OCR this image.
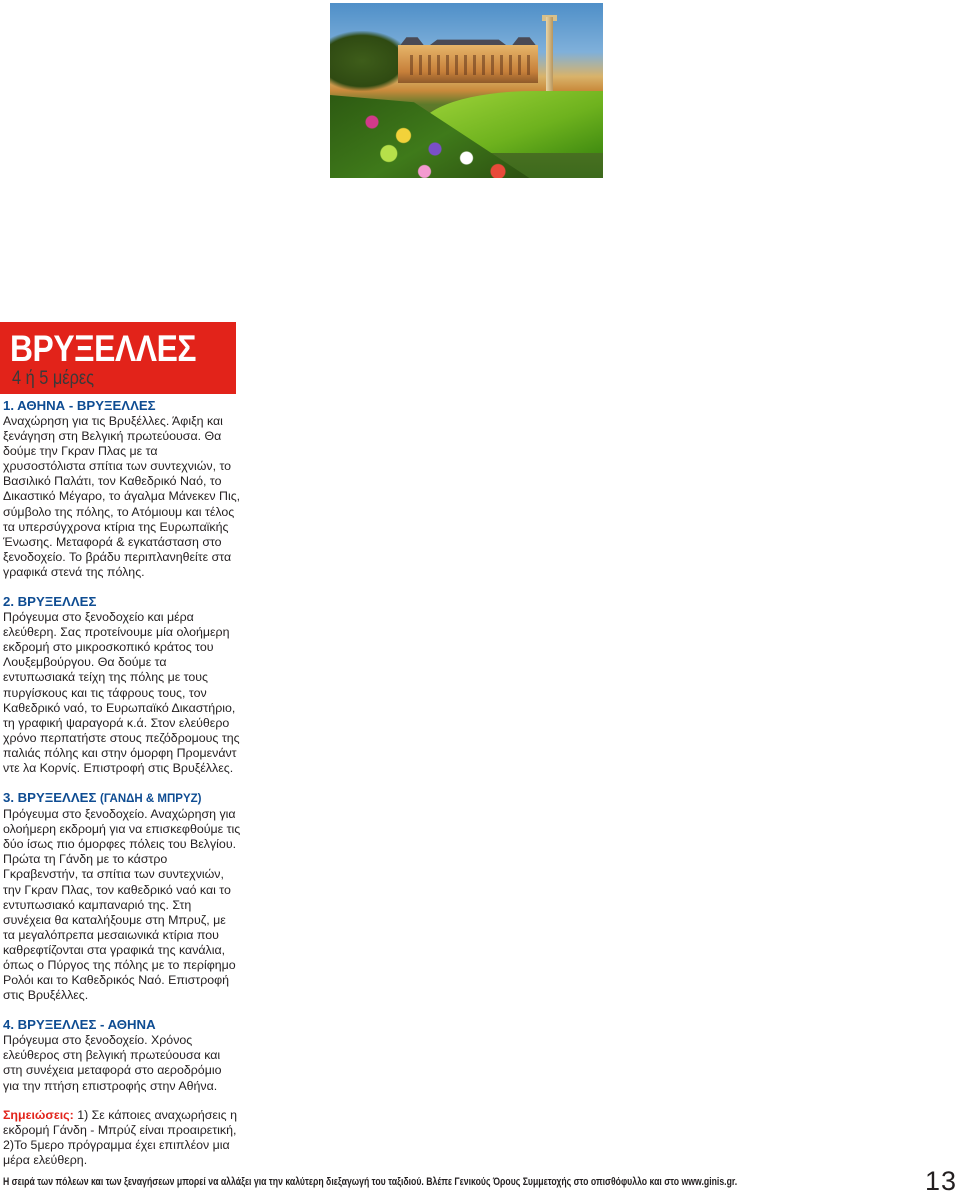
ΒΡΥΞΕΛΛΕΣ
4 ή 5 μέρες
1. ΑΘΗΝΑ - ΒΡΥΞΕΛΛΕΣ
Αναχώρηση για τις Βρυξέλλες. Άφιξη και ξενάγηση στη Βελγική πρωτεύουσα. Θα δούμε την Γκραν Πλας με τα χρυσοστόλιστα σπίτια των συντεχνιών, το Βασιλικό Παλάτι, τον Καθεδρικό Ναό, το Δικαστικό Μέγαρο, το άγαλμα Μάνεκεν Πις, σύμβολο της πόλης, το Ατόμιουμ και τέλος τα υπερσύγχρονα κτίρια της Ευρωπαϊκής Ένωσης. Μεταφορά & εγκατάσταση στο ξενοδοχείο. Το βράδυ περιπλανηθείτε στα γραφικά στενά της πόλης.
2. ΒΡΥΞΕΛΛΕΣ
Πρόγευμα στο ξενοδοχείο και μέρα ελεύθερη. Σας προτείνουμε μία ολοήμερη εκδρομή στο μικροσκοπικό κράτος του Λουξεμβούργου. Θα δούμε τα εντυπωσιακά τείχη της πόλης με τους πυργίσκους και τις τάφρους τους, τον Καθεδρικό ναό, το Ευρωπαϊκό Δικαστήριο, τη γραφική ψαραγορά κ.ά. Στον ελεύθερο χρόνο περπατήστε στους πεζόδρομους της παλιάς πόλης και στην όμορφη Προμενάντ ντε λα Κορνίς. Επιστροφή στις Βρυξέλλες.
3. ΒΡΥΞΕΛΛΕΣ (ΓΑΝΔΗ & ΜΠΡΥΖ)
Πρόγευμα στο ξενοδοχείο. Αναχώρηση για ολοήμερη εκδρομή για να επισκεφθούμε τις δύο ίσως πιο όμορφες πόλεις του Βελγίου. Πρώτα τη Γάνδη με το κάστρο Γκραβενστήν, τα σπίτια των συντεχνιών, την Γκραν Πλας, τον καθεδρικό ναό και το εντυπωσιακό καμπαναριό της. Στη συνέχεια θα καταλήξουμε στη Μπρυζ, με τα μεγαλόπρεπα μεσαιωνικά κτίρια που καθρεφτίζονται στα γραφικά της κανάλια, όπως ο Πύργος της πόλης με το περίφημο Ρολόι και το Καθεδρικός Ναό. Επιστροφή στις Βρυξέλλες.
4. ΒΡΥΞΕΛΛΕΣ - ΑΘΗΝΑ
Πρόγευμα στο ξενοδοχείο. Χρόνος ελεύθερος στη βελγική πρωτεύουσα και στη συνέχεια μεταφορά στο αεροδρόμιο για την πτήση επιστροφής στην Αθήνα.
Σημειώσεις: 1) Σε κάποιες αναχωρήσεις η εκδρομή Γάνδη - Μπρύζ είναι προαιρετική, 2)Το 5μερο πρόγραμμα έχει επιπλέον μια μέρα ελεύθερη.
Η σειρά των πόλεων και των ξεναγήσεων μπορεί να αλλάξει για την καλύτερη διεξαγωγή του ταξιδιού. Βλέπε Γενικούς Όρους Συμμετοχής στο οπισθόφυλλο και στο www.ginis.gr.	13
